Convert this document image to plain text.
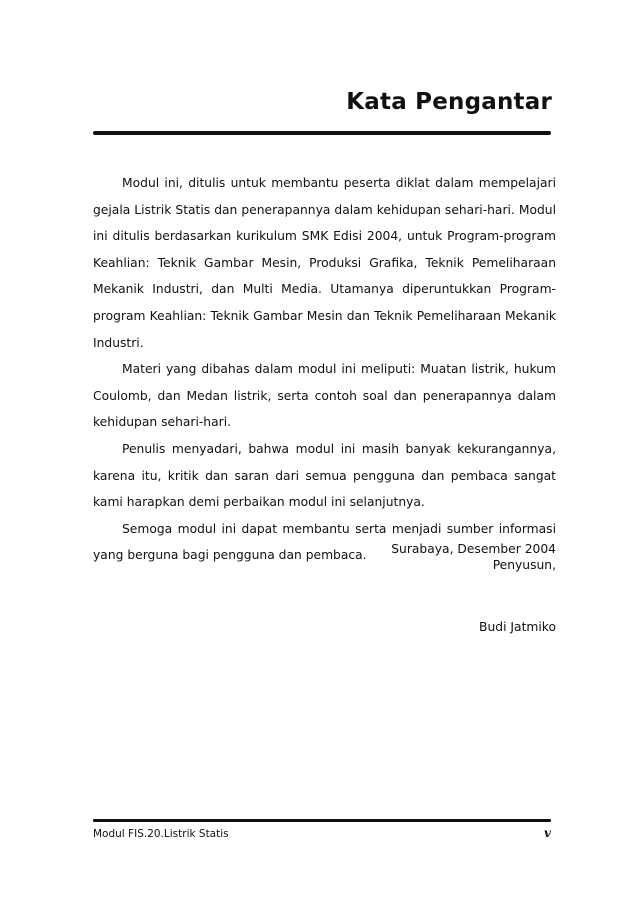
Kata Pengantar

Modul ini, ditulis untuk membantu peserta diklat dalam mempelajari gejala Listrik Statis dan penerapannya dalam kehidupan sehari-hari. Modul ini ditulis berdasarkan kurikulum SMK Edisi 2004, untuk Program-program Keahlian: Teknik Gambar Mesin, Produksi Grafika, Teknik Pemeliharaan Mekanik Industri, dan Multi Media. Utamanya diperuntukkan Program-program Keahlian: Teknik Gambar Mesin dan Teknik Pemeliharaan Mekanik Industri.

Materi yang dibahas dalam modul ini meliputi: Muatan listrik, hukum Coulomb, dan Medan listrik, serta contoh soal dan penerapannya dalam kehidupan sehari-hari.

Penulis menyadari, bahwa modul ini masih banyak kekurangannya, karena itu, kritik dan saran dari semua pengguna dan pembaca sangat kami harapkan demi perbaikan modul ini selanjutnya.

Semoga modul ini dapat membantu serta menjadi sumber informasi yang berguna bagi pengguna dan pembaca.	Surabaya, Desember 2004
Penyusun,
Budi Jatmiko
Modul FIS.20.Listrik Statis	v
